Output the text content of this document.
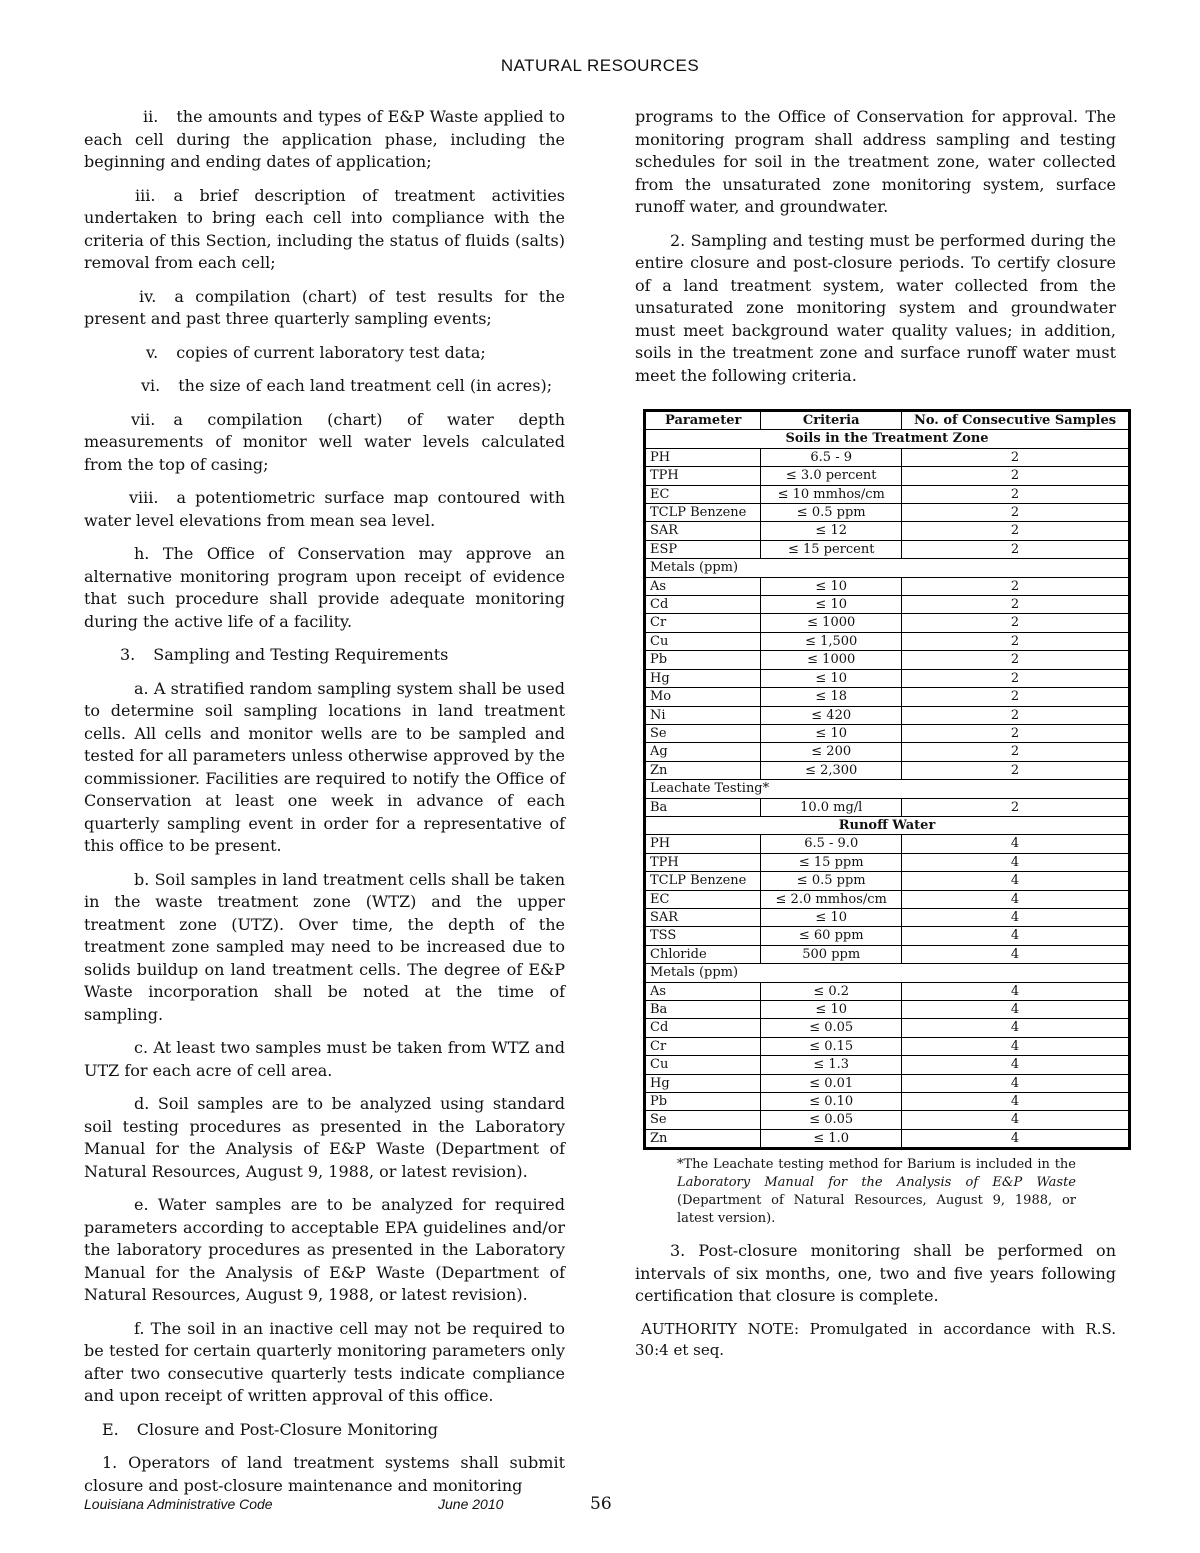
NATURAL RESOURCES

ii. the amounts and types of E&P Waste applied to each cell during the application phase, including the beginning and ending dates of application;

iii. a brief description of treatment activities undertaken to bring each cell into compliance with the criteria of this Section, including the status of fluids (salts) removal from each cell;

iv. a compilation (chart) of test results for the present and past three quarterly sampling events;

v. copies of current laboratory test data;

vi. the size of each land treatment cell (in acres);

vii. a compilation (chart) of water depth measurements of monitor well water levels calculated from the top of casing;

viii. a potentiometric surface map contoured with water level elevations from mean sea level.

h. The Office of Conservation may approve an alternative monitoring program upon receipt of evidence that such procedure shall provide adequate monitoring during the active life of a facility.

3. Sampling and Testing Requirements

a. A stratified random sampling system shall be used to determine soil sampling locations in land treatment cells. All cells and monitor wells are to be sampled and tested for all parameters unless otherwise approved by the commissioner. Facilities are required to notify the Office of Conservation at least one week in advance of each quarterly sampling event in order for a representative of this office to be present.

b. Soil samples in land treatment cells shall be taken in the waste treatment zone (WTZ) and the upper treatment zone (UTZ). Over time, the depth of the treatment zone sampled may need to be increased due to solids buildup on land treatment cells. The degree of E&P Waste incorporation shall be noted at the time of sampling.

c. At least two samples must be taken from WTZ and UTZ for each acre of cell area.

d. Soil samples are to be analyzed using standard soil testing procedures as presented in the Laboratory Manual for the Analysis of E&P Waste (Department of Natural Resources, August 9, 1988, or latest revision).

e. Water samples are to be analyzed for required parameters according to acceptable EPA guidelines and/or the laboratory procedures as presented in the Laboratory Manual for the Analysis of E&P Waste (Department of Natural Resources, August 9, 1988, or latest revision).

f. The soil in an inactive cell may not be required to be tested for certain quarterly monitoring parameters only after two consecutive quarterly tests indicate compliance and upon receipt of written approval of this office.

E. Closure and Post-Closure Monitoring

1. Operators of land treatment systems shall submit closure and post-closure maintenance and monitoring

programs to the Office of Conservation for approval. The monitoring program shall address sampling and testing schedules for soil in the treatment zone, water collected from the unsaturated zone monitoring system, surface runoff water, and groundwater.

2. Sampling and testing must be performed during the entire closure and post-closure periods. To certify closure of a land treatment system, water collected from the unsaturated zone monitoring system and groundwater must meet background water quality values; in addition, soils in the treatment zone and surface runoff water must meet the following criteria.

Parameter	Criteria	No. of Consecutive Samples
Soils in the Treatment Zone		
PH	6.5 - 9	2
TPH	≤ 3.0 percent	2
EC	≤ 10 mmhos/cm	2
TCLP Benzene	≤ 0.5 ppm	2
SAR	≤ 12	2
ESP	≤ 15 percent	2
Metals (ppm)		
As	≤ 10	2
Cd	≤ 10	2
Cr	≤ 1000	2
Cu	≤ 1,500	2
Pb	≤ 1000	2
Hg	≤ 10	2
Mo	≤ 18	2
Ni	≤ 420	2
Se	≤ 10	2
Ag	≤ 200	2
Zn	≤ 2,300	2
Leachate Testing*		
Ba	10.0 mg/l	2
Runoff Water		
PH	6.5 - 9.0	4
TPH	≤ 15 ppm	4
TCLP Benzene	≤ 0.5 ppm	4
EC	≤ 2.0 mmhos/cm	4
SAR	≤ 10	4
TSS	≤ 60 ppm	4
Chloride	500 ppm	4
Metals (ppm)		
As	≤ 0.2	4
Ba	≤ 10	4
Cd	≤ 0.05	4
Cr	≤ 0.15	4
Cu	≤ 1.3	4
Hg	≤ 0.01	4
Pb	≤ 0.10	4
Se	≤ 0.05	4
Zn	≤ 1.0	4

*The Leachate testing method for Barium is included in the Laboratory Manual for the Analysis of E&P Waste (Department of Natural Resources, August 9, 1988, or latest version).

3. Post-closure monitoring shall be performed on intervals of six months, one, two and five years following certification that closure is complete.

AUTHORITY NOTE: Promulgated in accordance with R.S. 30:4 et seq.

Louisiana Administrative Code	June 2010	56
